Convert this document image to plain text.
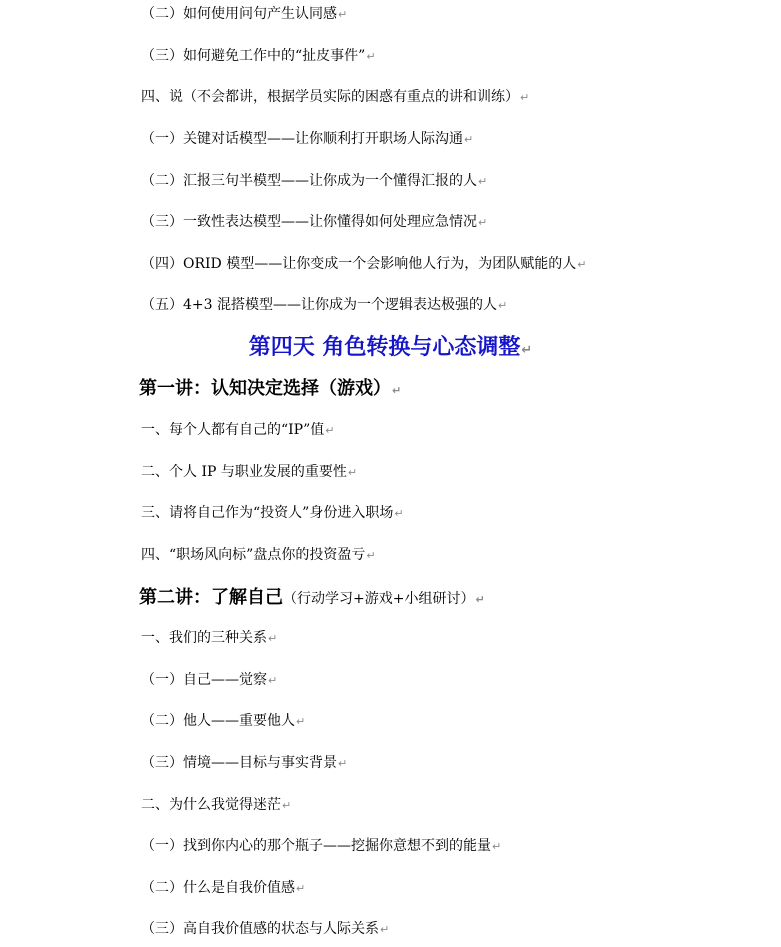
（二）如何使用问句产生认同感↵
（三）如何避免工作中的“扯皮事件”↵
四、说（不会都讲，根据学员实际的困惑有重点的讲和训练）↵
（一）关键对话模型——让你顺利打开职场人际沟通↵
（二）汇报三句半模型——让你成为一个懂得汇报的人↵
（三）一致性表达模型——让你懂得如何处理应急情况↵
（四）ORID 模型——让你变成一个会影响他人行为，为团队赋能的人↵
（五）4+3 混搭模型——让你成为一个逻辑表达极强的人↵
第四天 角色转换与心态调整↵
第一讲：认知决定选择（游戏）↵
一、每个人都有自己的“IP”值↵
二、个人 IP 与职业发展的重要性↵
三、请将自己作为“投资人”身份进入职场↵
四、“职场风向标”盘点你的投资盈亏↵
第二讲：了解自己（行动学习+游戏+小组研讨）↵
一、我们的三种关系↵
（一）自己——觉察↵
（二）他人——重要他人↵
（三）情境——目标与事实背景↵
二、为什么我觉得迷茫↵
（一）找到你内心的那个瓶子——挖掘你意想不到的能量↵
（二）什么是自我价值感↵
（三）高自我价值感的状态与人际关系↵
